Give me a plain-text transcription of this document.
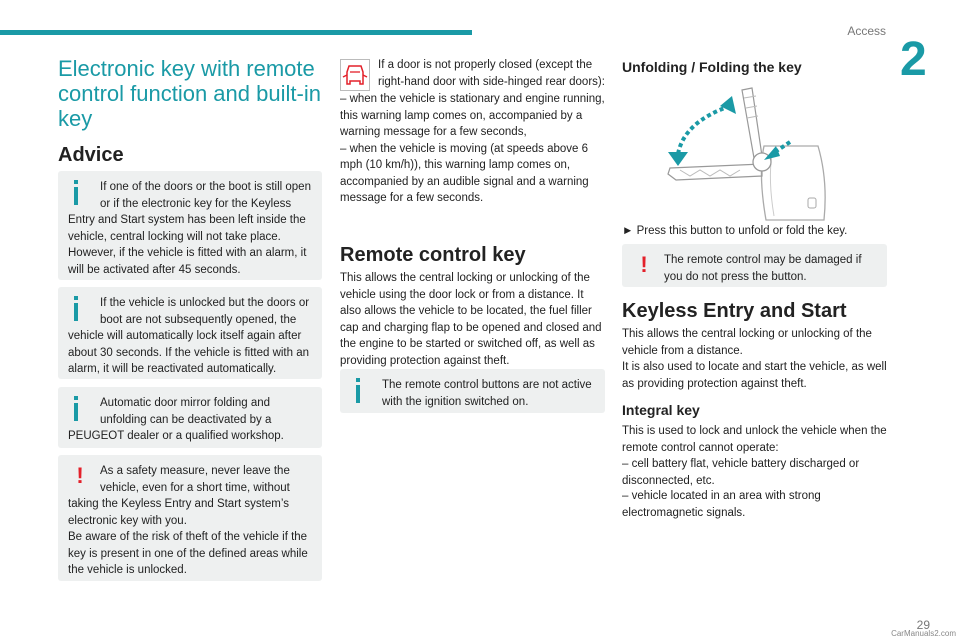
Access
2
Electronic key with remote control function and built-in key
Advice
If one of the doors or the boot is still open or if the electronic key for the Keyless Entry and Start system has been left inside the vehicle, central locking will not take place. However, if the vehicle is fitted with an alarm, it will be activated after 45 seconds.
If the vehicle is unlocked but the doors or boot are not subsequently opened, the vehicle will automatically lock itself again after about 30 seconds. If the vehicle is fitted with an alarm, it will be reactivated automatically.
Automatic door mirror folding and unfolding can be deactivated by a PEUGEOT dealer or a qualified workshop.
!	As a safety measure, never leave the vehicle, even for a short time, without taking the Keyless Entry and Start system’s electronic key with you.
Be aware of the risk of theft of the vehicle if the key is present in one of the defined areas while the vehicle is unlocked.

If a door is not properly closed (except the right-hand door with side-hinged rear doors):

– when the vehicle is stationary and engine running, this warning lamp comes on, accompanied by a warning message for a few seconds,

– when the vehicle is moving (at speeds above 6 mph (10 km/h)), this warning lamp comes on, accompanied by an audible signal and a warning message for a few seconds.

Remote control key

This allows the central locking or unlocking of the vehicle using the door lock or from a distance. It also allows the vehicle to be located, the fuel filler cap and charging flap to be opened and closed and the engine to be started or switched off, as well as providing protection against theft.

The remote control buttons are not active with the ignition switched on.
Unfolding / Folding the key

► Press this button to unfold or fold the key.

!	The remote control may be damaged if you do not press the button.
Keyless Entry and Start

This allows the central locking or unlocking of the vehicle from a distance.

It is also used to locate and start the vehicle, as well as providing protection against theft.

Integral key

This is used to lock and unlock the vehicle when the remote control cannot operate:

– cell battery flat, vehicle battery discharged or disconnected, etc.

– vehicle located in an area with strong electromagnetic signals.

29
CarManuals2.com
